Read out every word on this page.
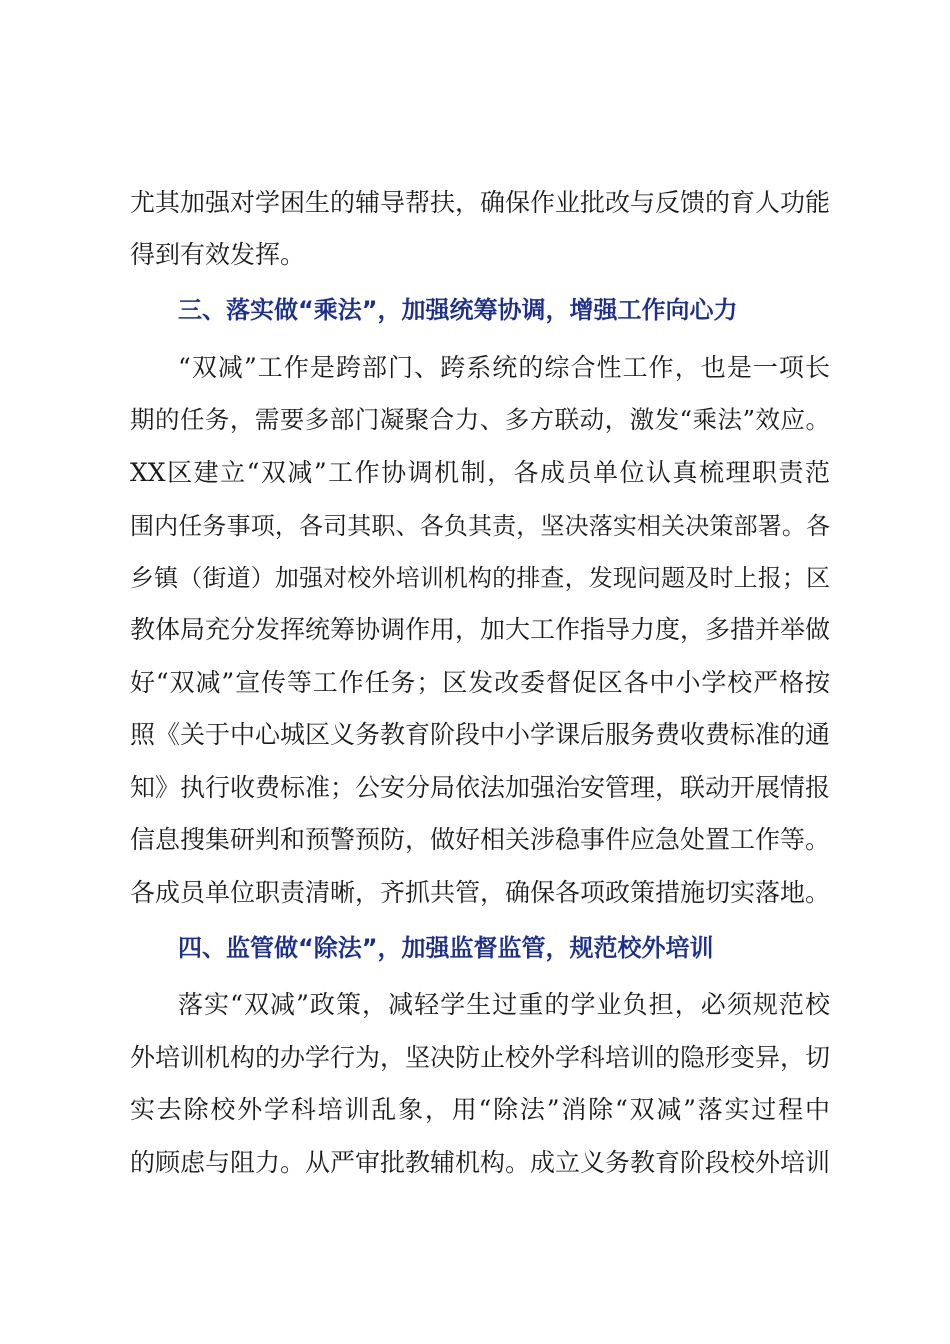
尤其加强对学困生的辅导帮扶，确保作业批改与反馈的育人功能
得到有效发挥。
三、落实做“乘法”，加强统筹协调，增强工作向心力
“双减”工作是跨部门、跨系统的综合性工作，也是一项长
期的任务，需要多部门凝聚合力、多方联动，激发“乘法”效应。
XX区建立“双减”工作协调机制，各成员单位认真梳理职责范
围内任务事项，各司其职、各负其责，坚决落实相关决策部署。各
乡镇（街道）加强对校外培训机构的排查，发现问题及时上报；区
教体局充分发挥统筹协调作用，加大工作指导力度，多措并举做
好“双减”宣传等工作任务；区发改委督促区各中小学校严格按
照《关于中心城区义务教育阶段中小学课后服务费收费标准的通
知》执行收费标准；公安分局依法加强治安管理，联动开展情报
信息搜集研判和预警预防，做好相关涉稳事件应急处置工作等。
各成员单位职责清晰，齐抓共管，确保各项政策措施切实落地。
四、监管做“除法”，加强监督监管，规范校外培训
落实“双减”政策，减轻学生过重的学业负担，必须规范校
外培训机构的办学行为，坚决防止校外学科培训的隐形变异，切
实去除校外学科培训乱象，用“除法”消除“双减”落实过程中
的顾虑与阻力。从严审批教辅机构。成立义务教育阶段校外培训
